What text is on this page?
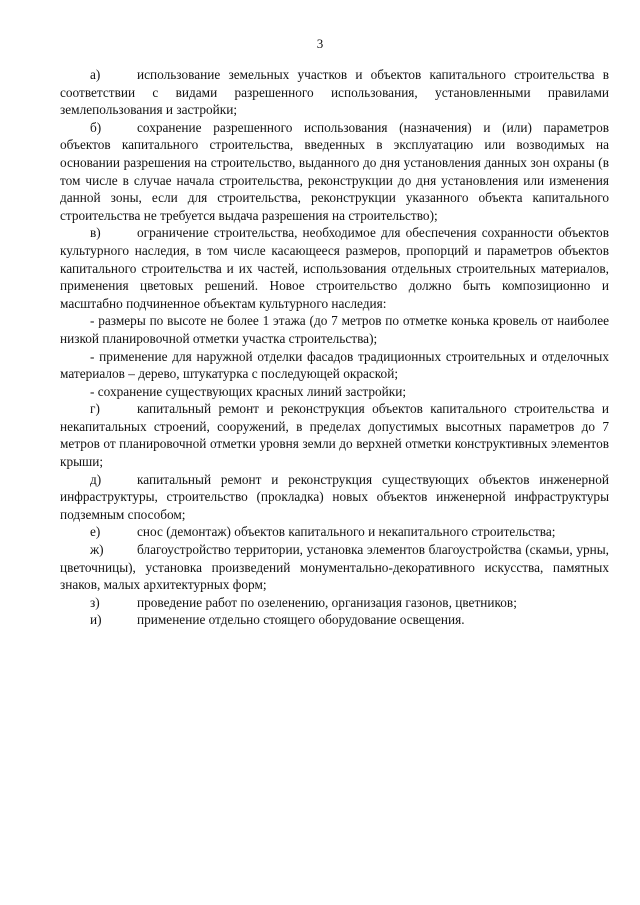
3

а)	использование земельных участков и объектов капитального строительства в соответствии с видами разрешенного использования, установленными правилами землепользования и застройки;

б)	сохранение разрешенного использования (назначения) и (или) параметров объектов капитального строительства, введенных в эксплуатацию или возводимых на основании разрешения на строительство, выданного до дня установления данных зон охраны (в том числе в случае начала строительства, реконструкции до дня установления или изменения данной зоны, если для строительства, реконструкции указанного объекта капитального строительства не требуется выдача разрешения на строительство);

в)	ограничение строительства, необходимое для обеспечения сохранности объектов культурного наследия, в том числе касающееся размеров, пропорций и параметров объектов капитального строительства и их частей, использования отдельных строительных материалов, применения цветовых решений. Новое строительство должно быть композиционно и масштабно подчиненное объектам культурного наследия:

- размеры по высоте не более 1 этажа (до 7 метров по отметке конька кровель от наиболее низкой планировочной отметки участка строительства);

- применение для наружной отделки фасадов традиционных строительных и отделочных материалов – дерево, штукатурка с последующей окраской;

- сохранение существующих красных линий застройки;

г)	капитальный ремонт и реконструкция объектов капитального строительства и некапитальных строений, сооружений, в пределах допустимых высотных параметров до 7 метров от планировочной отметки уровня земли до верхней отметки конструктивных элементов крыши;

д)	капитальный ремонт и реконструкция существующих объектов инженерной инфраструктуры, строительство (прокладка) новых объектов инженерной инфраструктуры подземным способом;

е)	снос (демонтаж) объектов капитального и некапитального строительства;

ж)	благоустройство территории, установка элементов благоустройства (скамьи, урны, цветочницы), установка произведений монументально-декоративного искусства, памятных знаков, малых архитектурных форм;

з)	проведение работ по озеленению, организация газонов, цветников;

и)	применение отдельно стоящего оборудование освещения.
